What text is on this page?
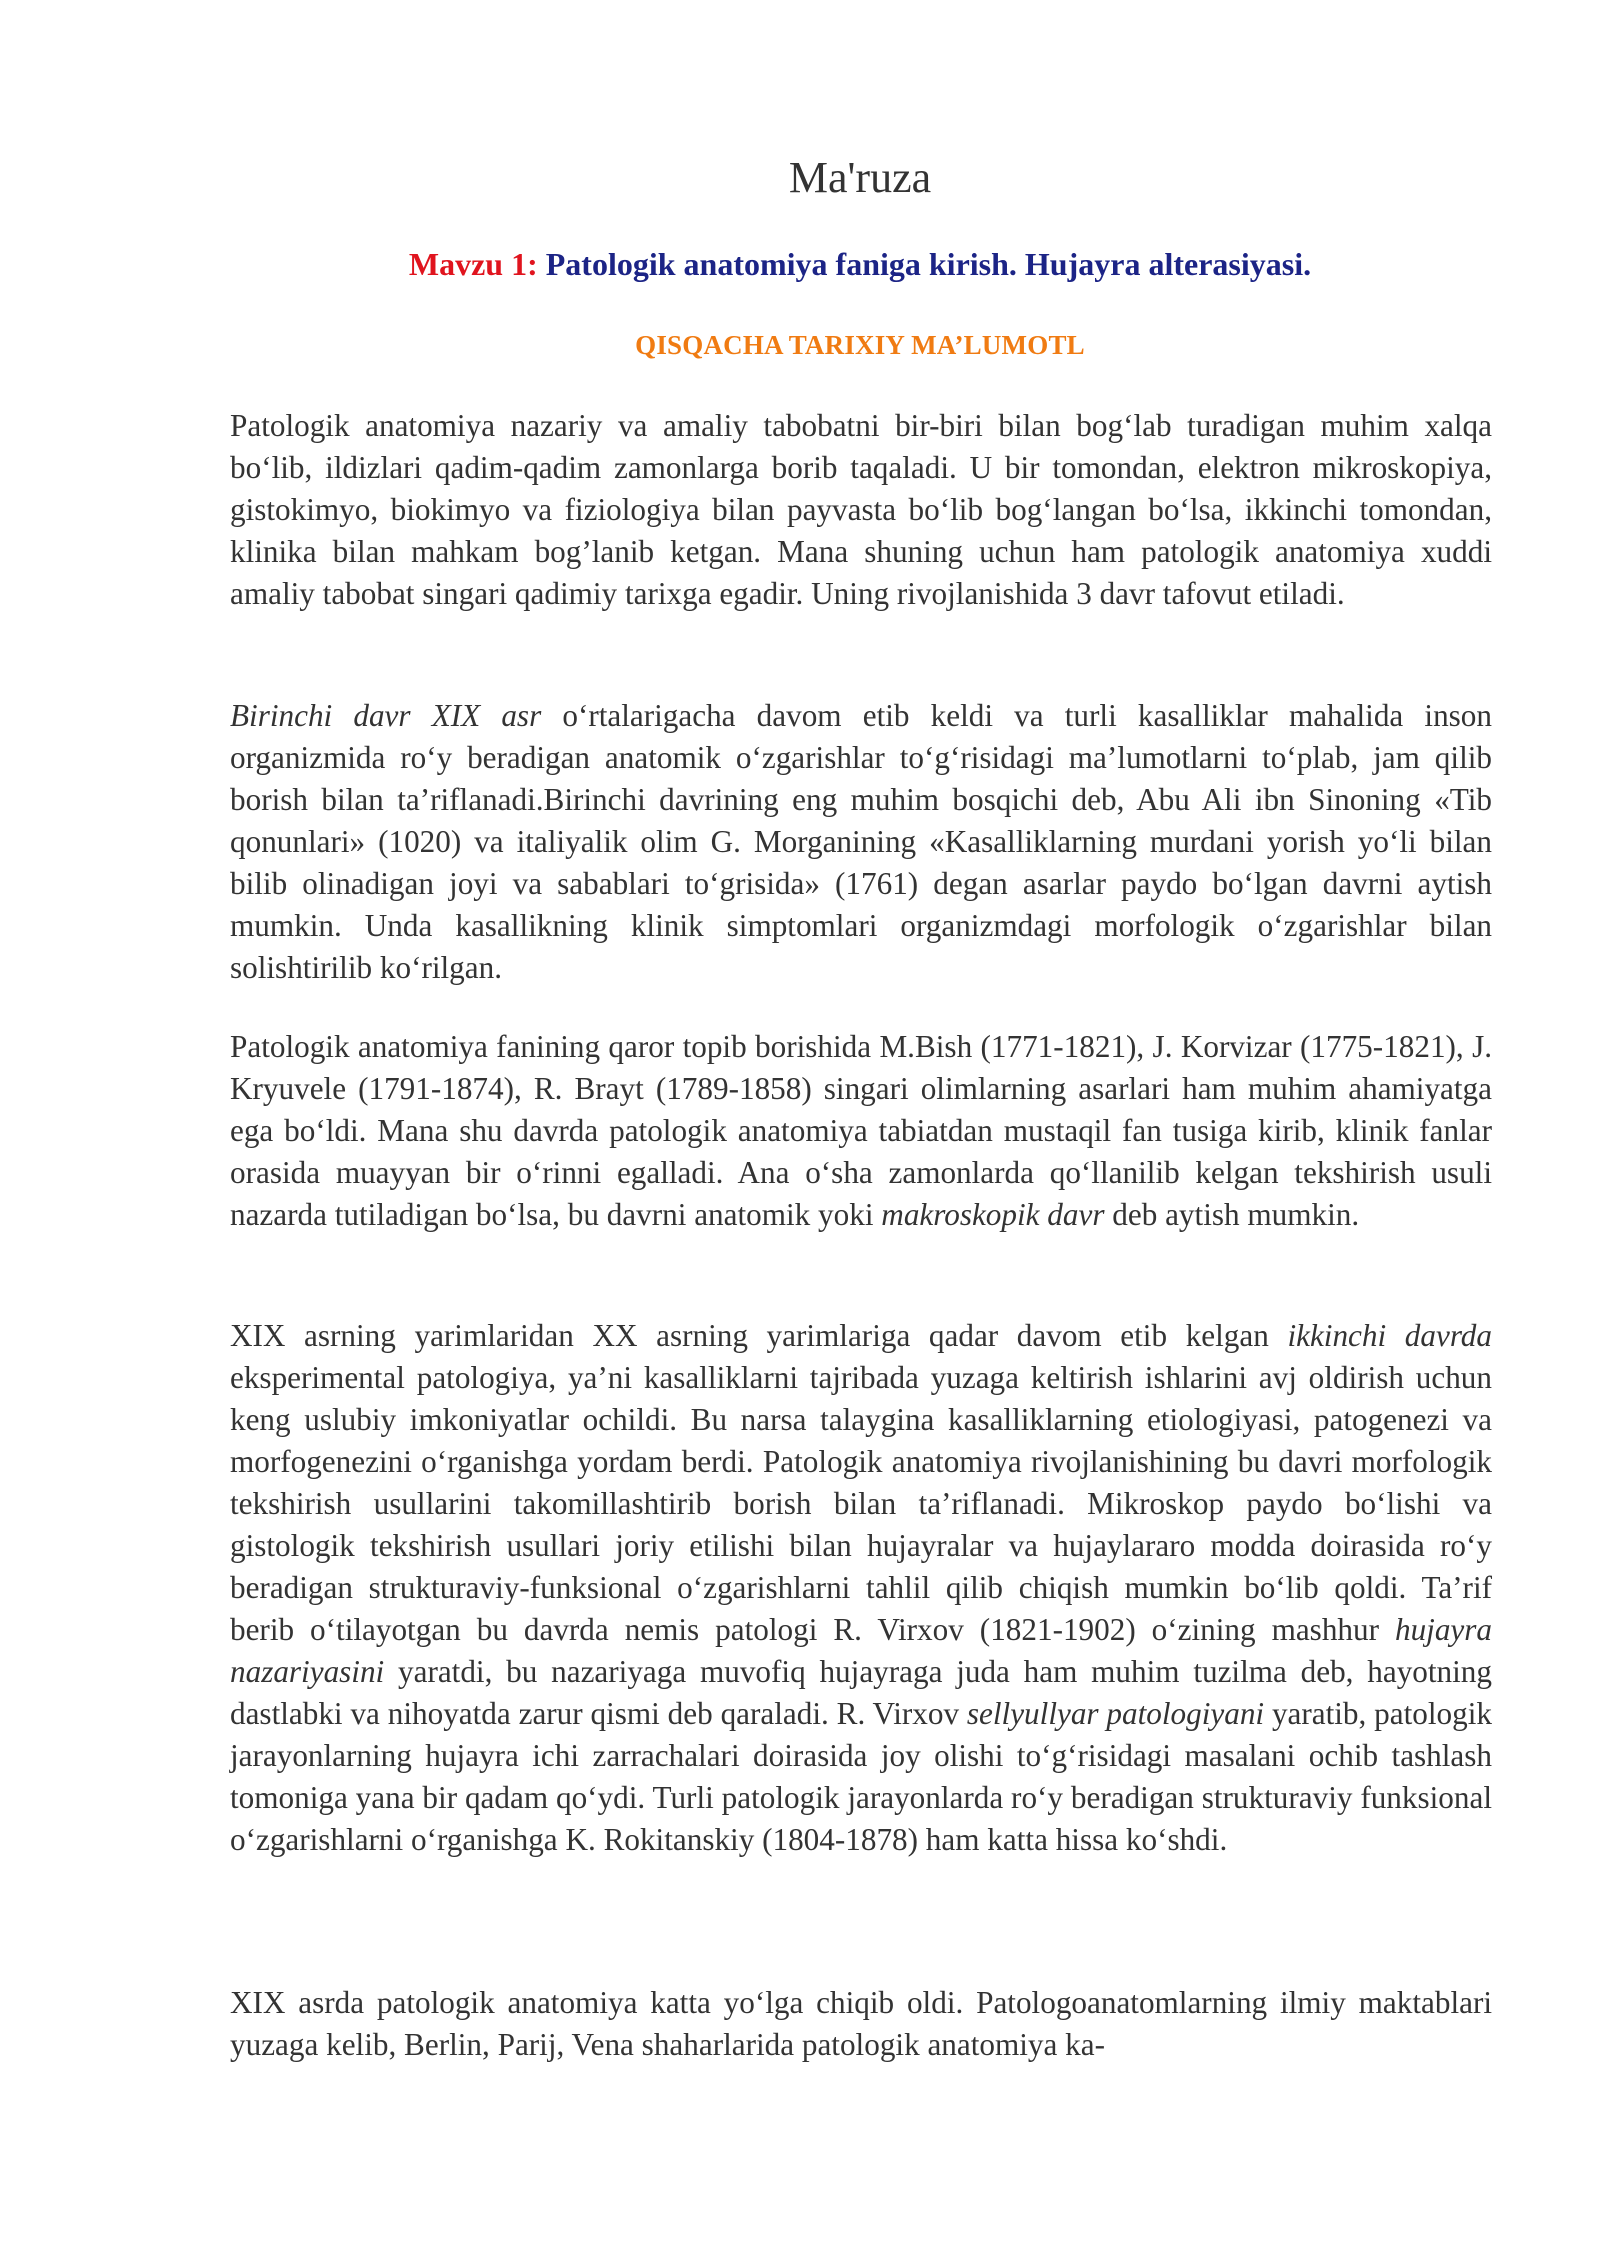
Ma'ruza
Mavzu 1: Patologik anatomiya faniga kirish. Hujayra alterasiyasi.
QISQACHA TARIXIY MA’LUMOTL

Patologik anatomiya nazariy va amaliy tabobatni bir-biri bilan bogʻlab turadigan muhim xalqa boʻlib, ildizlari qadim-qadim zamonlarga borib taqaladi. U bir tomondan, elektron mikroskopiya, gistokimyo, biokimyo va fiziologiya bilan payvasta boʻlib bogʻlangan boʻlsa, ikkinchi tomondan, klinika bilan mahkam bog’lanib ketgan. Mana shuning uchun ham patologik anatomiya xuddi amaliy tabobat singari qadimiy tarixga egadir. Uning rivojlanishida 3 davr tafovut etiladi.

Birinchi davr XIX asr oʻrtalarigacha davom etib keldi va turli kasalliklar mahalida inson organizmida roʻy beradigan anatomik oʻzgarishlar toʻgʻrisidagi ma’lumotlarni toʻplab, jam qilib borish bilan ta’riflanadi.Birinchi davrining eng muhim bosqichi deb, Abu Ali ibn Sinoning «Tib qonunlari» (1020) va italiyalik olim G. Morganining «Kasalliklarning murdani yorish yoʻli bilan bilib olinadigan joyi va sabablari toʻgrisida» (1761) degan asarlar paydo boʻlgan davrni aytish mumkin. Unda kasallikning klinik simptomlari organizmdagi morfologik oʻzgarishlar bilan solishtirilib koʻrilgan.

Patologik anatomiya fanining qaror topib borishida M.Bish (1771-1821), J. Korvizar (1775-1821), J. Kryuvele (1791-1874), R. Brayt (1789-1858) singari olimlarning asarlari ham muhim ahamiyatga ega boʻldi. Mana shu davrda patologik anatomiya tabiatdan mustaqil fan tusiga kirib, klinik fanlar orasida muayyan bir oʻrinni egalladi. Ana oʻsha zamonlarda qoʻllanilib kelgan tekshirish usuli nazarda tutiladigan boʻlsa, bu davrni anatomik yoki makroskopik davr deb aytish mumkin.

XIX asrning yarimlaridan XX asrning yarimlariga qadar davom etib kelgan ikkinchi davrda eksperimental patologiya, ya’ni kasalliklarni tajribada yuzaga keltirish ishlarini avj oldirish uchun keng uslubiy imkoniyatlar ochildi. Bu narsa talaygina kasalliklarning etiologiyasi, patogenezi va morfogenezini oʻrganishga yordam berdi. Patologik anatomiya rivojlanishining bu davri morfologik tekshirish usullarini takomillashtirib borish bilan ta’riflanadi. Mikroskop paydo boʻlishi va gistologik tekshirish usullari joriy etilishi bilan hujayralar va hujaylararo modda doirasida roʻy beradigan strukturaviy-funksional oʻzgarishlarni tahlil qilib chiqish mumkin boʻlib qoldi. Ta’rif berib oʻtilayotgan bu davrda nemis patologi R. Virxov (1821-1902) oʻzining mashhur hujayra nazariyasini yaratdi, bu nazariyaga muvofiq hujayraga juda ham muhim tuzilma deb, hayotning dastlabki va nihoyatda zarur qismi deb qaraladi. R. Virxov sellyullyar patologiyani yaratib, patologik jarayonlarning hujayra ichi zarrachalari doirasida joy olishi toʻgʻrisidagi masalani ochib tashlash tomoniga yana bir qadam qoʻydi. Turli patologik jarayonlarda roʻy beradigan strukturaviy funksional oʻzgarishlarni oʻrganishga K. Rokitanskiy (1804-1878) ham katta hissa koʻshdi.

XIX asrda patologik anatomiya katta yoʻlga chiqib oldi. Patologoanatomlarning ilmiy maktablari yuzaga kelib, Berlin, Parij, Vena shaharlarida patologik anatomiya ka-
